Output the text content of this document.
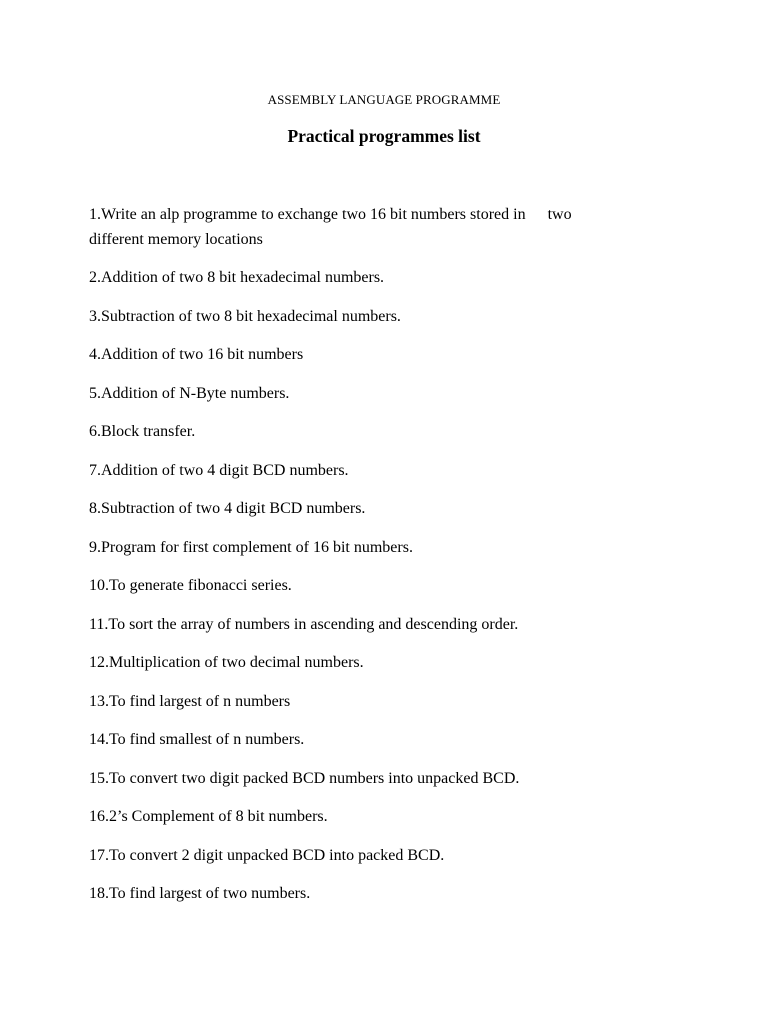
ASSEMBLY LANGUAGE PROGRAMME
Practical programmes list
1.Write an alp programme to exchange two 16 bit numbers stored in two
different memory locations
2.Addition of two 8 bit hexadecimal numbers.
3.Subtraction of two 8 bit hexadecimal numbers.
4.Addition of two 16 bit numbers
5.Addition of N-Byte numbers.
6.Block transfer.
7.Addition of two 4 digit BCD numbers.
8.Subtraction of two 4 digit BCD numbers.
9.Program for first complement of 16 bit numbers.
10.To generate fibonacci series.
11.To sort the array of numbers in ascending and descending order.
12.Multiplication of two decimal numbers.
13.To find largest of n numbers
14.To find smallest of n numbers.
15.To convert two digit packed BCD numbers into unpacked BCD.
16.2’s Complement of 8 bit numbers.
17.To convert 2 digit unpacked BCD into packed BCD.
18.To find largest of two numbers.
